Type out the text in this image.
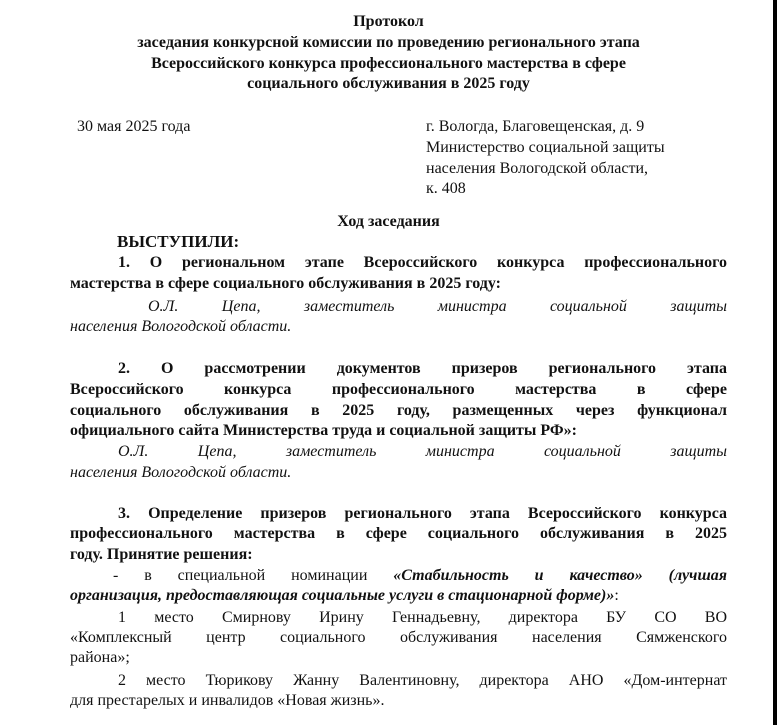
Протокол
заседания конкурсной комиссии по проведению регионального этапа
Всероссийского конкурса профессионального мастерства в сфере
социального обслуживания в 2025 году
30 мая 2025 года	г. Вологда, Благовещенская, д. 9
Министерство социальной защиты
населения Вологодской области,
к. 408
Ход заседания
ВЫСТУПИЛИ:
1. О региональном этапе Всероссийского конкурса профессионального
мастерства в сфере социального обслуживания в 2025 году:
О.Л. Цепа, заместитель министра социальной защиты
населения Вологодской области.
2. О рассмотрении документов призеров регионального этапа
Всероссийского конкурса профессионального мастерства в сфере
социального обслуживания в 2025 году, размещенных через функционал
официального сайта Министерства труда и социальной защиты РФ»:
О.Л. Цепа, заместитель министра социальной защиты
населения Вологодской области.
3. Определение призеров регионального этапа Всероссийского конкурса
профессионального мастерства в сфере социального обслуживания в 2025
году. Принятие решения:
- в специальной номинации «Стабильность и качество» (лучшая
организация, предоставляющая социальные услуги в стационарной форме)»:
1 место Смирнову Ирину Геннадьевну, директора БУ СО ВО
«Комплексный центр социального обслуживания населения Сямженского
района»;
2 место Тюрикову Жанну Валентиновну, директора АНО «Дом-интернат
для престарелых и инвалидов «Новая жизнь».
